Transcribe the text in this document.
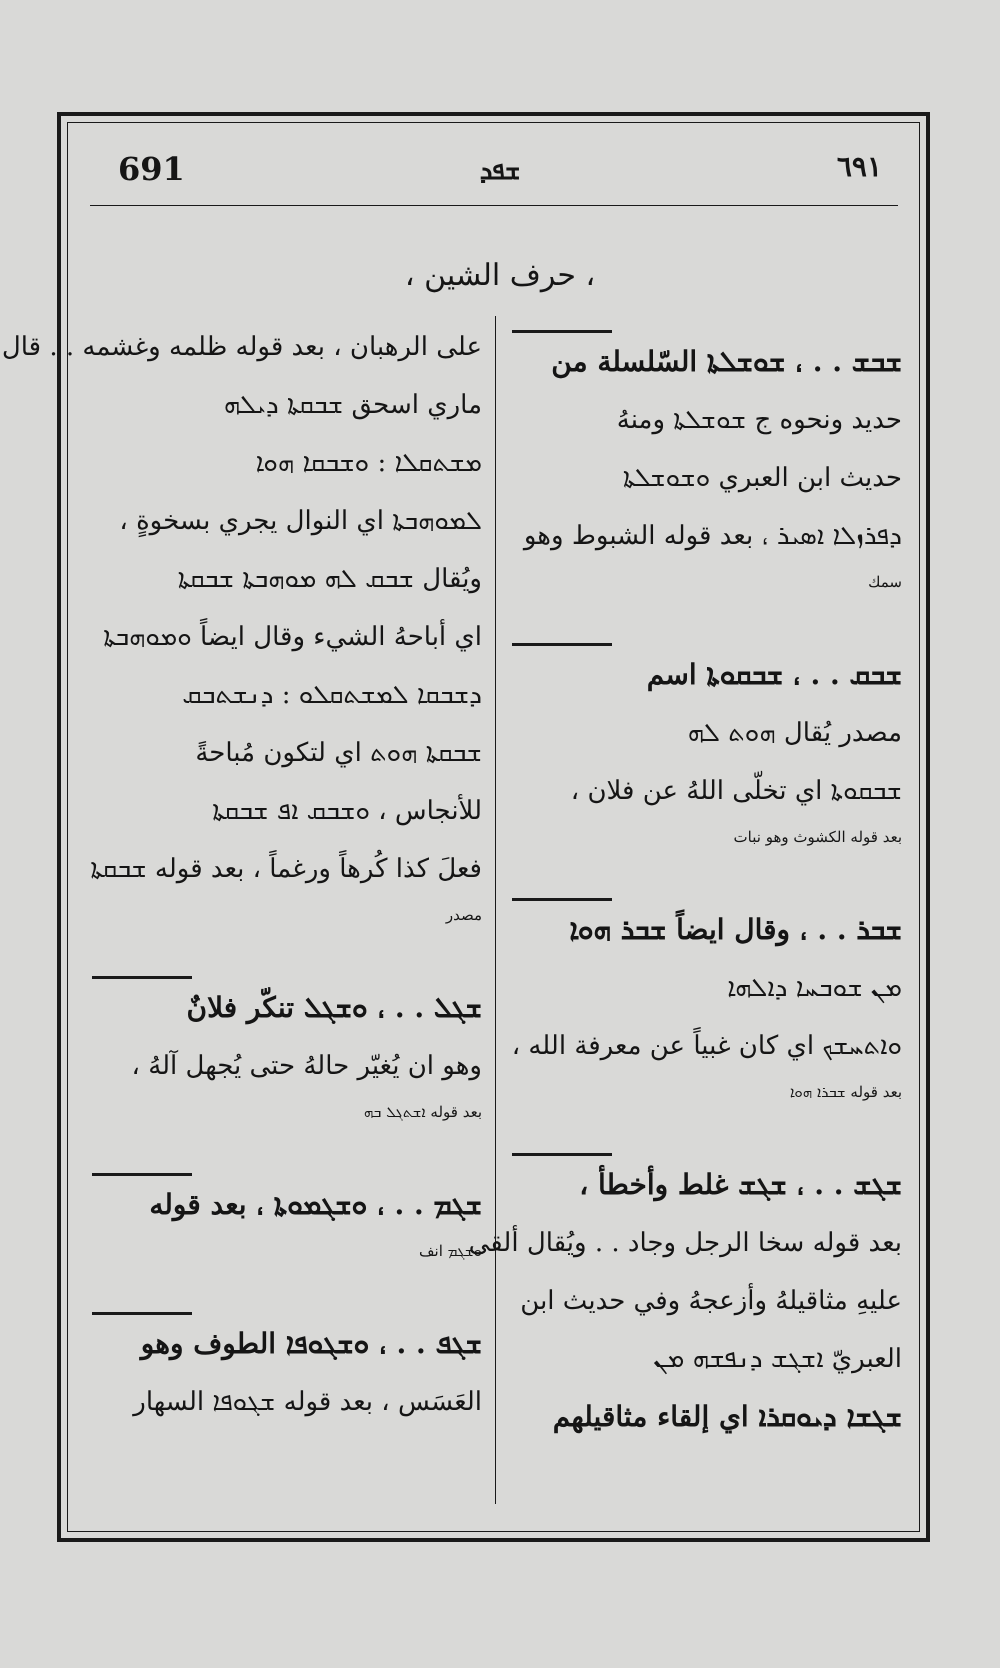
691	ܫܦܕ	٦٩١
، حرف الشين ،
ܫܒܫ . . ، ܫܘܫܠܬܐ السّلسلة من
حديد ونحوه ج ܫܘܫܠܬܐ ومنهُ
حديث ابن العبري ܘܫܘܫܠܬܐ
ܕܦܪܙܠܐ ܐܣܝܪ ، بعد قوله الشبوط وهو
سمك
ܫܒܩ . . ، ܫܒܩܘܬܐ اسم
مصدر يُقال ܗܘܬ ܠܗ
ܫܒܩܘܬܐ اي تخلّى اللهُ عن فلان ،
بعد قوله الكشوث وهو نبات
ܫܒܪ . . ، وقال ايضاً ܫܒܪ ܗܘܐ
ܡܢ ܫܘܒܚܐ ܕܐܠܗܐ
ܘܐܬܚܫܟ اي كان غبياً عن معرفة الله ،
بعد قوله ܫܒܪܐ ܗܘܐ
ܫܓܫ . . ، ܫܓܫ غلط وأخطأ ،
بعد قوله سخا الرجل وجاد . . ويُقال ألقى
عليهِ مثاقيلهُ وأزعجهُ وفي حديث ابن
العبريّ ܐܫܓܫ ܕܢܦܫܗ ܡܢ
ܫܓܫܐ ܕܝܘܩܪܐ اي إلقاء مثاقيلهم
على الرهبان ، بعد قوله ظلمه وغشمه . . قال
ماري اسحق ܫܒܩܬܐ ܕܝܠܗ
ܡܫܬܩܠܐ : ܘܫܒܩܐ ܗܘܐ
ܠܡܘܗܒܬܐ اي النوال يجري بسخوةٍ ،
ويُقال ܫܒܩ ܠܗ ܡܘܗܒܬܐ ܫܒܩܬܐ
اي أباحهُ الشيء وقال ايضاً ܘܡܘܗܒܬܐ
ܕܫܒܩܐ ܠܡܫܬܩܠܘ : ܕܢܫܬܒܩ
ܫܒܩܬܐ ܗܘܬ اي لتكون مُباحةً
للأنجاس ، ܘܫܒܩ ܐܦ ܫܒܩܬܐ
فعلَ كذا كُرهاً ورغماً ، بعد قوله ܫܒܩܬܐ
مصدر
ܫܓܠ . . ، ܘܫܓܠ تنكّر فلانٌ
وهو ان يُغيّر حالهُ حتى يُجهل آلهُ ،
بعد قوله ܐܫܬܓܠ ܒܗ
ܫܓܡ . . ، ܘܫܓܡܘܬܐ ، بعد قوله
ܘܫܓܡ انف
ܫܓܦ . . ، ܘܫܓܘܦܐ الطوف وهو
العَسَس ، بعد قوله ܫܓܘܦܐ السهار
